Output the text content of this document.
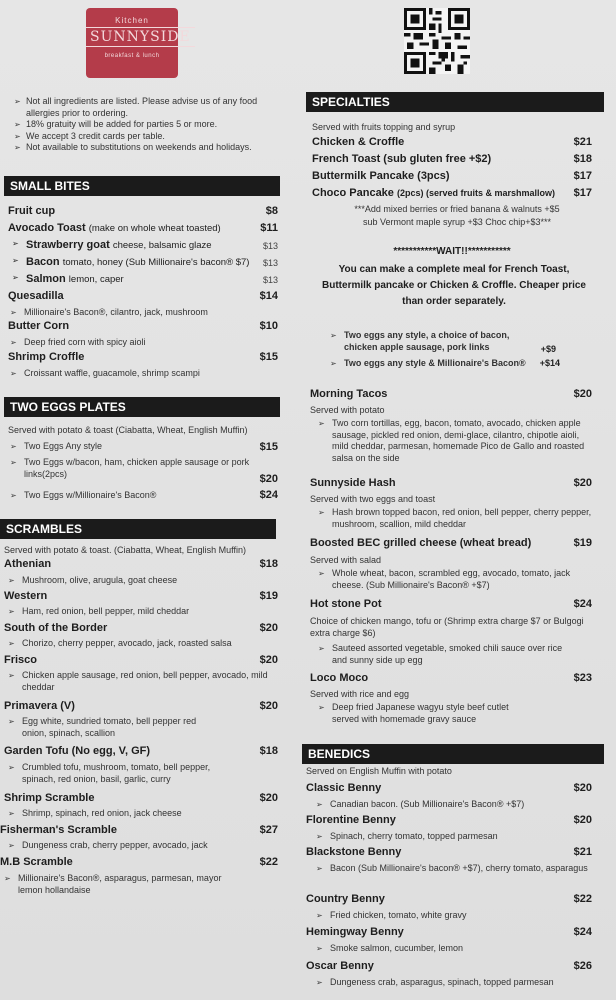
Kitchen
SUNNYSIDE
breakfast & lunch
➢ Not all ingredients are listed. Please advise us of any food allergies prior to ordering.
➢ 18% gratuity will be added for parties 5 or more.
➢ We accept 3 credit cards per table.
➢ Not available to substitutions on weekends and holidays.
SMALL BITES
Fruit cup	$8
Avocado Toast (make on whole wheat toasted)	$11
➢ Strawberry goat cheese, balsamic glaze	$13
➢ Bacon tomato, honey (Sub Millionaire's bacon® $7)	$13
➢ Salmon lemon, caper	$13
Quesadilla	$14
➢ Millionaire's Bacon®, cilantro, jack, mushroom
Butter Corn	$10
➢ Deep fried corn with spicy aioli
Shrimp Croffle	$15
➢ Croissant waffle, guacamole, shrimp scampi
TWO EGGS PLATES
Served with potato & toast (Ciabatta, Wheat, English Muffin)
➢ Two Eggs Any style	$15
➢ Two Eggs w/bacon, ham, chicken apple sausage or pork links(2pcs)	$20
➢ Two Eggs w/Millionaire's Bacon®	$24
SCRAMBLES
Served with potato & toast. (Ciabatta, Wheat, English Muffin)
Athenian	$18
➢ Mushroom, olive, arugula, goat cheese
Western	$19
➢ Ham, red onion, bell pepper, mild cheddar
South of the Border	$20
➢ Chorizo, cherry pepper, avocado, jack, roasted salsa
Frisco	$20
➢ Chicken apple sausage, red onion, bell pepper, avocado, mild cheddar
Primavera (V)	$20
➢ Egg white, sundried tomato, bell pepper red onion, spinach, scallion
Garden Tofu (No egg, V, GF)	$18
➢ Crumbled tofu, mushroom, tomato, bell pepper, spinach, red onion, basil, garlic, curry
Shrimp Scramble	$20
➢ Shrimp, spinach, red onion, jack cheese
Fisherman's Scramble	$27
➢ Dungeness crab, cherry pepper, avocado, jack
M.B Scramble	$22
➢ Millionaire's Bacon®, asparagus, parmesan, mayor lemon hollandaise
SPECIALTIES
Served with fruits topping and syrup
Chicken & Croffle	$21
French Toast (sub gluten free +$2)	$18
Buttermilk Pancake (3pcs)	$17
Choco Pancake (2pcs) (served fruits & marshmallow)	$17
***Add mixed berries or fried banana & walnuts +$5
sub Vermont maple syrup +$3 Choc chip+$3***
***********WAIT!!***********
You can make a complete meal for French Toast, Buttermilk pancake or Chicken & Croffle. Cheaper price than order separately.
➢ Two eggs any style, a choice of bacon, chicken apple sausage, pork links	+$9
➢ Two eggs any style & Millionaire's Bacon®	+$14
Morning Tacos	$20
Served with potato
➢ Two corn tortillas, egg, bacon, tomato, avocado, chicken apple sausage, pickled red onion, demi-glace, cilantro, chipotle aioli, mild cheddar, parmesan, homemade Pico de Gallo and roasted salsa on the side
Sunnyside Hash	$20
Served with two eggs and toast
➢ Hash brown topped bacon, red onion, bell pepper, cherry pepper, mushroom, scallion, mild cheddar
Boosted BEC grilled cheese (wheat bread)	$19
Served with salad
➢ Whole wheat, bacon, scrambled egg, avocado, tomato, jack cheese. (Sub Millionaire's Bacon® +$7)
Hot stone Pot	$24
Choice of chicken mango, tofu or (Shrimp extra charge $7 or Bulgogi extra charge $6)
➢ Sauteed assorted vegetable, smoked chili sauce over rice and sunny side up egg
Loco Moco	$23
Served with rice and egg
➢ Deep fried Japanese wagyu style beef cutlet served with homemade gravy sauce
BENEDICS
Served on English Muffin with potato
Classic Benny	$20
➢ Canadian bacon. (Sub Millionaire's Bacon® +$7)
Florentine Benny	$20
➢ Spinach, cherry tomato, topped parmesan
Blackstone Benny	$21
➢ Bacon (Sub Millionaire's bacon® +$7), cherry tomato, asparagus
Country Benny	$22
➢ Fried chicken, tomato, white gravy
Hemingway Benny	$24
➢ Smoke salmon, cucumber, lemon
Oscar Benny	$26
➢ Dungeness crab, asparagus, spinach, topped parmesan
